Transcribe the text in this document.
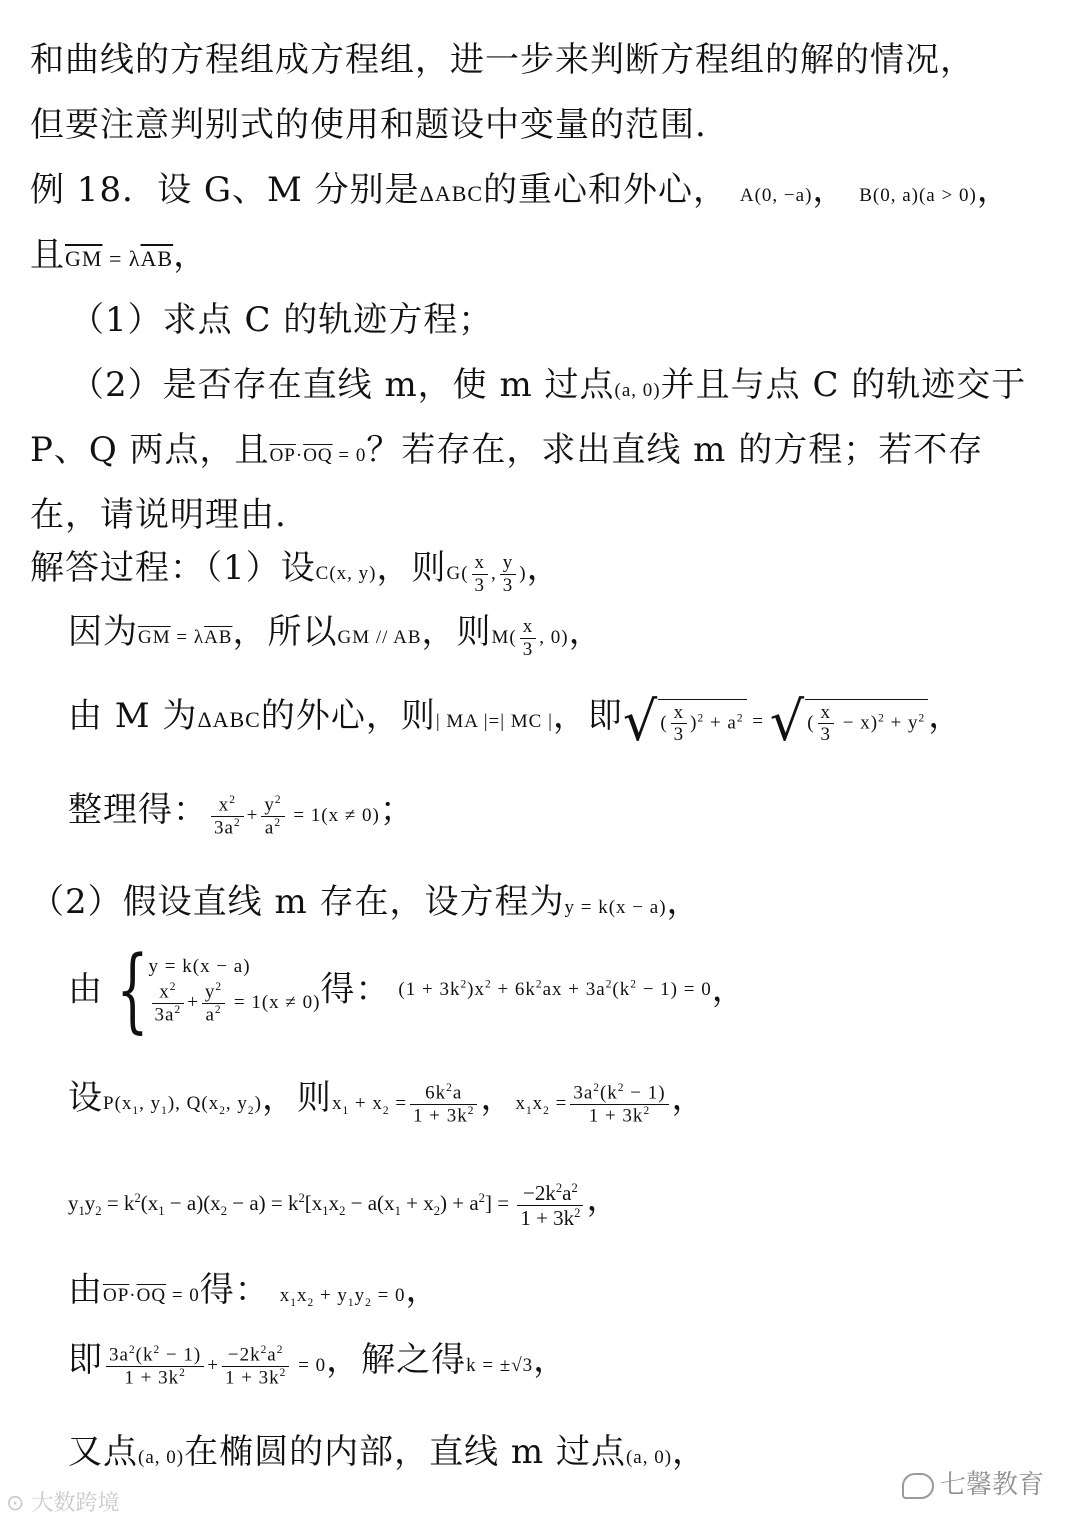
和曲线的方程组成方程组，进一步来判断方程组的解的情况，
但要注意判别式的使用和题设中变量的范围.
例 18．设 G、M 分别是ΔABC的重心和外心， A(0, −a)， B(0, a)(a > 0)，
且$\overline{GM} = \lambda\overline{AB}$，
（1）求点 C 的轨迹方程；
（2）是否存在直线 m，使 m 过点(a, 0)并且与点 C 的轨迹交于
P、Q 两点，且$\overline{OP}\cdot\overline{OQ} = 0$？若存在，求出直线 m 的方程；若不存
在，请说明理由.
解答过程：（1）设C(x, y)，则$G( \frac{x}{3}$ , $\frac{y}{3}$ )，
因为$\overline{GM} = \lambda\overline{AB}$，所以GM // AB，则$M( \frac{x}{3}$ , 0)，
由 M 为ΔABC的外心，则| MA |=| MC |，即√ ( $\frac{x}{3} )^2 + a^2$ = √ ( $\frac{x}{3} - x)^2 + y^2$，
整理得： $\frac{x^2}{3a^2} + \frac{y^2}{a^2} = 1(x \ne 0)$；
（2）假设直线 m 存在，设方程为y = k(x − a)，
由 { y = k(x − a)
$\frac{x^2}{3a^2} + \frac{y^2}{a^2} = 1(x \ne 0)$ 得： $(1 + 3k^2)x^2 + 6k^2ax + 3a^2(k^2 - 1) = 0$，
设$P(x_1$, $y_1$), $Q(x_2$, $y_2$)，则$x_1 + x_2 = \frac{6k^2a}{1 + 3k^2}$ ，$x_1x_2 = \frac{3a^2(k^2 - 1)}{1 + 3k^2}$ ，
$y_1y_2 = k^2(x_1 - a)(x_2 - a) = k^2[x_1x_2 - a(x_1 + x_2) + a^2] = \frac{-2k^2a^2}{1 + 3k^2}$ ，
由$\overline{OP}\cdot\overline{OQ} = 0$得： $x_1x_2 + y_1y_2 = 0$，
即 $\frac{3a^2(k^2 - 1)}{1 + 3k^2} + \frac{-2k^2a^2}{1 + 3k^2} = 0$，解之得k = ±√3，
又点(a, 0)在椭圆的内部，直线 m 过点(a, 0)，
⊙ 大数跨境
七馨教育
